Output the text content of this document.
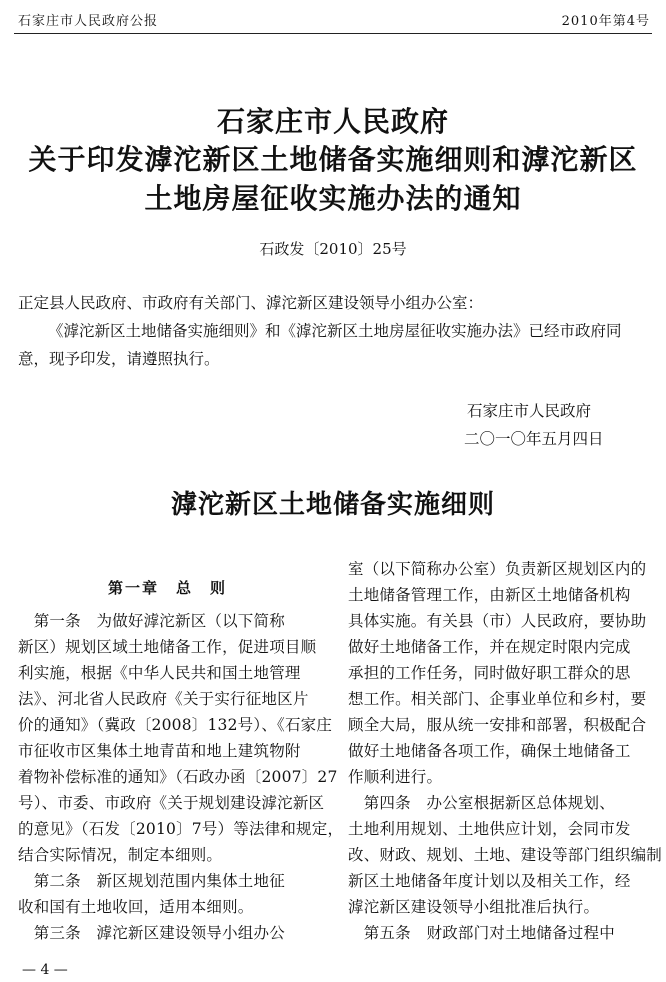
石家庄市人民政府公报	2010年第4号
石家庄市人民政府
关于印发滹沱新区土地储备实施细则和滹沱新区
土地房屋征收实施办法的通知
石政发〔2010〕25号
正定县人民政府、市政府有关部门、滹沱新区建设领导小组办公室：
《滹沱新区土地储备实施细则》和《滹沱新区土地房屋征收实施办法》已经市政府同
意，现予印发，请遵照执行。
石家庄市人民政府
二〇一〇年五月四日
滹沱新区土地储备实施细则
第一章　总　则
　第一条　为做好滹沱新区（以下简称
新区）规划区域土地储备工作，促进项目顺
利实施，根据《中华人民共和国土地管理
法》、河北省人民政府《关于实行征地区片
价的通知》（冀政〔2008〕132号）、《石家庄
市征收市区集体土地青苗和地上建筑物附
着物补偿标准的通知》（石政办函〔2007〕27
号）、市委、市政府《关于规划建设滹沱新区
的意见》（石发〔2010〕7号）等法律和规定，
结合实际情况，制定本细则。
　第二条　新区规划范围内集体土地征
收和国有土地收回，适用本细则。
　第三条　滹沱新区建设领导小组办公
室（以下简称办公室）负责新区规划区内的
土地储备管理工作，由新区土地储备机构
具体实施。有关县（市）人民政府，要协助
做好土地储备工作，并在规定时限内完成
承担的工作任务，同时做好职工群众的思
想工作。相关部门、企事业单位和乡村，要
顾全大局，服从统一安排和部署，积极配合
做好土地储备各项工作，确保土地储备工
作顺利进行。
　第四条　办公室根据新区总体规划、
土地利用规划、土地供应计划，会同市发
改、财政、规划、土地、建设等部门组织编制
新区土地储备年度计划以及相关工作，经
滹沱新区建设领导小组批准后执行。
　第五条　财政部门对土地储备过程中
— 4 —
